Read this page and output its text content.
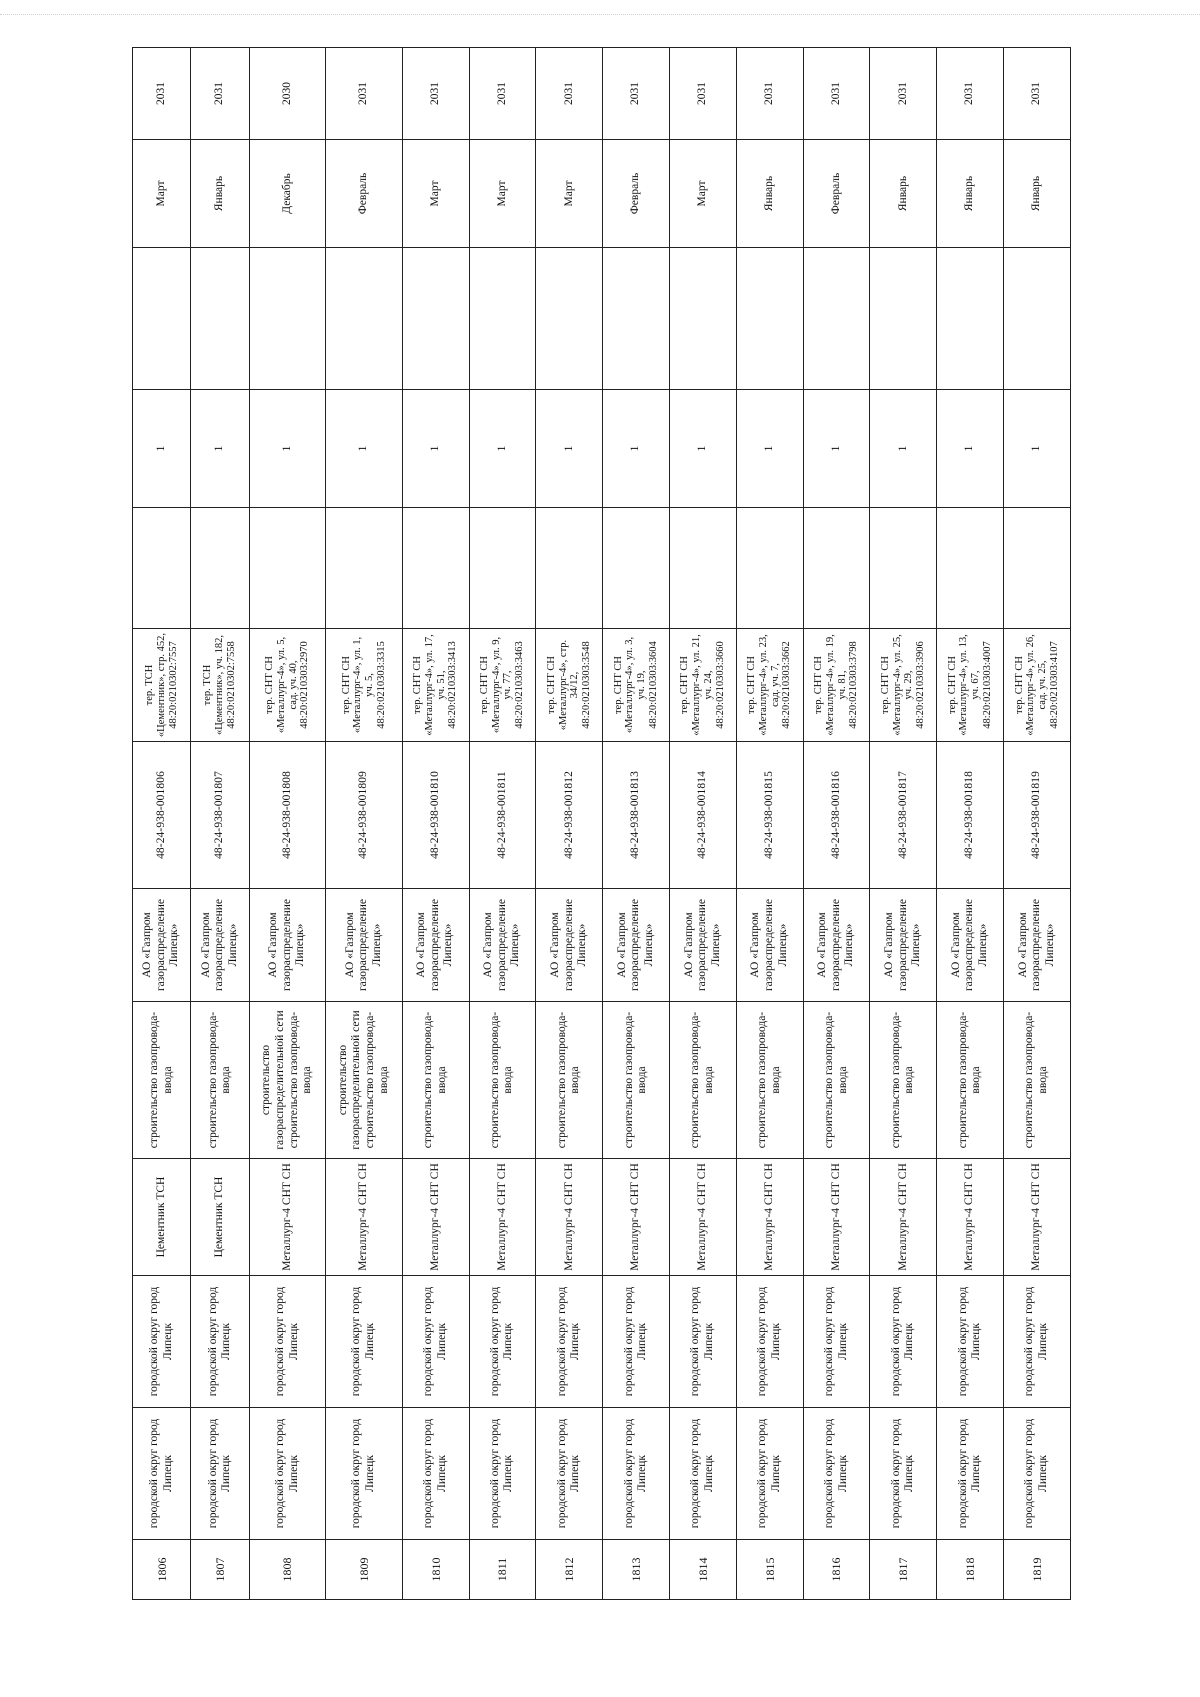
1806	городской округ город Липецк	городской округ город Липецк	Цементник ТСН	строительство газопровода-ввода	АО «Газпром газораспределение Липецк»	48-24-938-001806	тер. ТСН «Цементник», стр. 452, 48:20:0210302:7557		1		Март	2031
1807	городской округ город Липецк	городской округ город Липецк	Цементник ТСН	строительство газопровода-ввода	АО «Газпром газораспределение Липецк»	48-24-938-001807	тер. ТСН «Цементник», уч. 182, 48:20:0210302:7558		1		Январь	2031
1808	городской округ город Липецк	городской округ город Липецк	Металлург-4 СНТ СН	строительство газораспределительной сети строительство газопровода-ввода	АО «Газпром газораспределение Липецк»	48-24-938-001808	тер. СНТ СН «Металлург-4», ул. 5, сад. уч. 40, 48:20:0210303:2970		1		Декабрь	2030
1809	городской округ город Липецк	городской округ город Липецк	Металлург-4 СНТ СН	строительство газораспределительной сети строительство газопровода-ввода	АО «Газпром газораспределение Липецк»	48-24-938-001809	тер. СНТ СН «Металлург-4», ул. 1, уч. 5, 48:20:0210303:3315		1		Февраль	2031
1810	городской округ город Липецк	городской округ город Липецк	Металлург-4 СНТ СН	строительство газопровода-ввода	АО «Газпром газораспределение Липецк»	48-24-938-001810	тер. СНТ СН «Металлург-4», ул. 17, уч. 51, 48:20:0210303:3413		1		Март	2031
1811	городской округ город Липецк	городской округ город Липецк	Металлург-4 СНТ СН	строительство газопровода-ввода	АО «Газпром газораспределение Липецк»	48-24-938-001811	тер. СНТ СН «Металлург-4», ул. 9, уч. 77, 48:20:0210303:3463		1		Март	2031
1812	городской округ город Липецк	городской округ город Липецк	Металлург-4 СНТ СН	строительство газопровода-ввода	АО «Газпром газораспределение Липецк»	48-24-938-001812	тер. СНТ СН «Металлург-4», стр. 34/12, 48:20:0210303:3548		1		Март	2031
1813	городской округ город Липецк	городской округ город Липецк	Металлург-4 СНТ СН	строительство газопровода-ввода	АО «Газпром газораспределение Липецк»	48-24-938-001813	тер. СНТ СН «Металлург-4», ул. 3, уч. 19, 48:20:0210303:3604		1		Февраль	2031
1814	городской округ город Липецк	городской округ город Липецк	Металлург-4 СНТ СН	строительство газопровода-ввода	АО «Газпром газораспределение Липецк»	48-24-938-001814	тер. СНТ СН «Металлург-4», ул. 21, уч. 24, 48:20:0210303:3660		1		Март	2031
1815	городской округ город Липецк	городской округ город Липецк	Металлург-4 СНТ СН	строительство газопровода-ввода	АО «Газпром газораспределение Липецк»	48-24-938-001815	тер. СНТ СН «Металлург-4», ул. 23, сад. уч. 7, 48:20:0210303:3662		1		Январь	2031
1816	городской округ город Липецк	городской округ город Липецк	Металлург-4 СНТ СН	строительство газопровода-ввода	АО «Газпром газораспределение Липецк»	48-24-938-001816	тер. СНТ СН «Металлург-4», ул. 19, уч. 81, 48:20:0210303:3798		1		Февраль	2031
1817	городской округ город Липецк	городской округ город Липецк	Металлург-4 СНТ СН	строительство газопровода-ввода	АО «Газпром газораспределение Липецк»	48-24-938-001817	тер. СНТ СН «Металлург-4», ул. 25, уч. 29, 48:20:0210303:3906		1		Январь	2031
1818	городской округ город Липецк	городской округ город Липецк	Металлург-4 СНТ СН	строительство газопровода-ввода	АО «Газпром газораспределение Липецк»	48-24-938-001818	тер. СНТ СН «Металлург-4», ул. 13, уч. 67, 48:20:0210303:4007		1		Январь	2031
1819	городской округ город Липецк	городской округ город Липецк	Металлург-4 СНТ СН	строительство газопровода-ввода	АО «Газпром газораспределение Липецк»	48-24-938-001819	тер. СНТ СН «Металлург-4», ул. 26, сад. уч. 25, 48:20:0210303:4107		1		Январь	2031
